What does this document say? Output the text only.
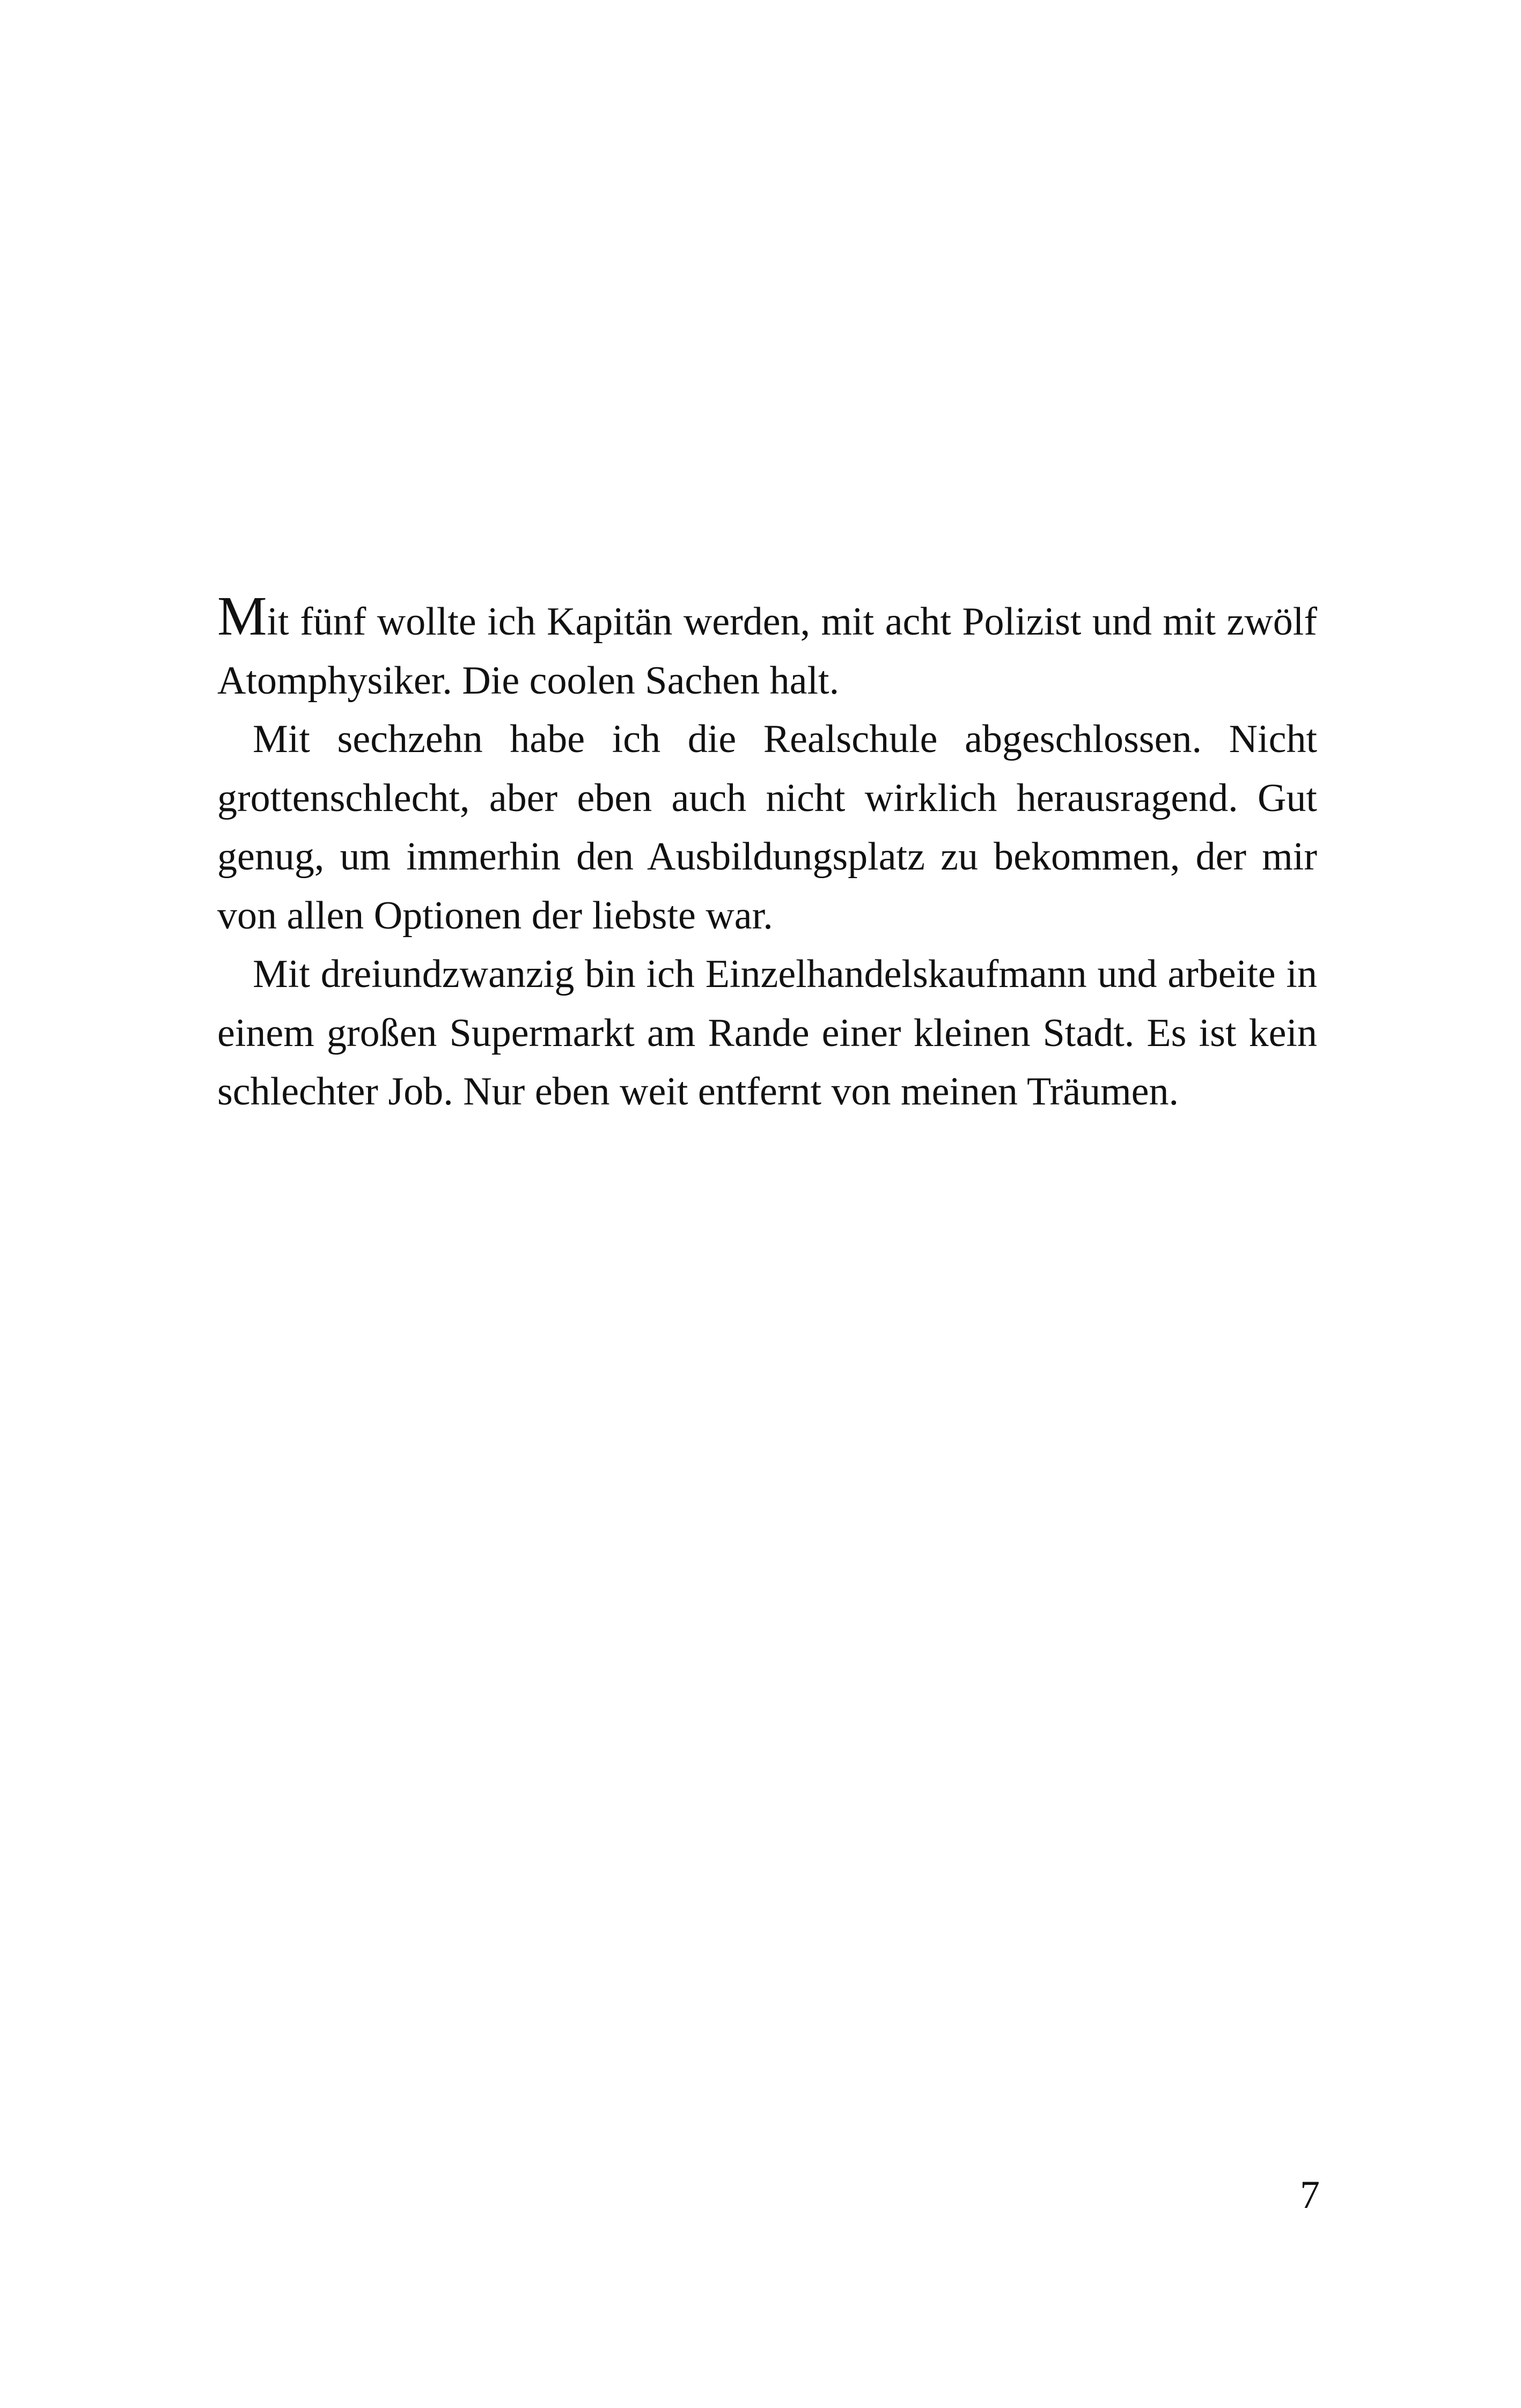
Mit fünf wollte ich Kapitän werden, mit acht Polizist und mit zwölf Atomphysiker. Die coolen Sachen halt.

Mit sechzehn habe ich die Realschule abgeschlossen. Nicht grottenschlecht, aber eben auch nicht wirklich herausragend. Gut genug, um immerhin den Ausbildungsplatz zu bekommen, der mir von allen Optionen der liebste war.

Mit dreiundzwanzig bin ich Einzelhandelskaufmann und arbeite in einem großen Supermarkt am Rande einer kleinen Stadt. Es ist kein schlechter Job. Nur eben weit entfernt von meinen Träumen.

7
